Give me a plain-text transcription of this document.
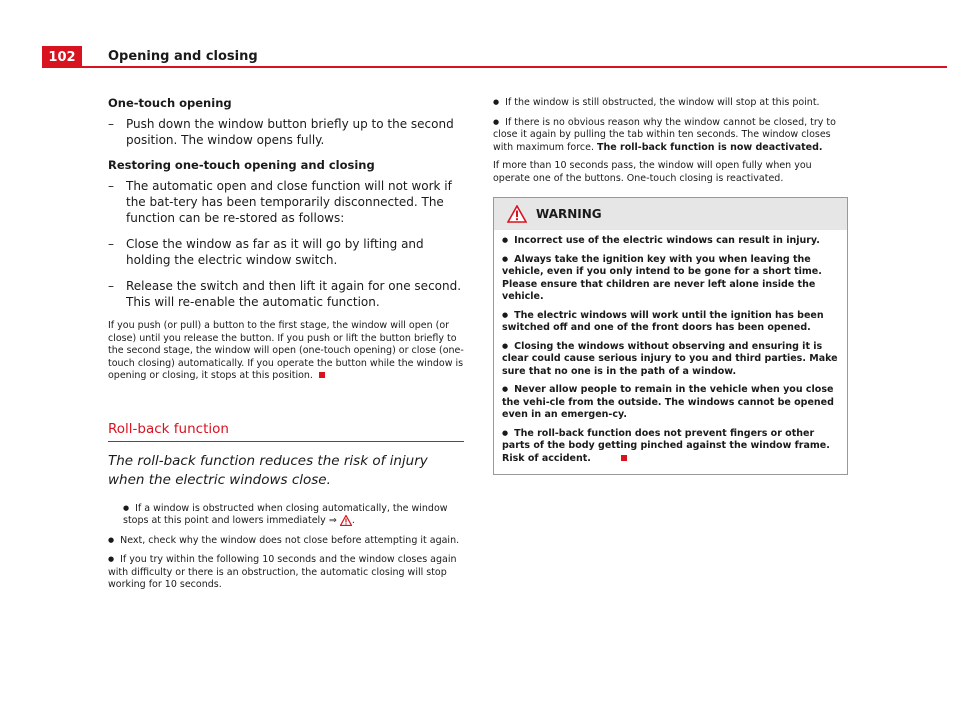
102	Opening and closing
One-touch opening
– Push down the window button briefly up to the second position. The window opens fully.
Restoring one-touch opening and closing
– The automatic open and close function will not work if the bat-tery has been temporarily disconnected. The function can be re-stored as follows:
– Close the window as far as it will go by lifting and holding the electric window switch.
– Release the switch and then lift it again for one second. This will re-enable the automatic function.

If you push (or pull) a button to the first stage, the window will open (or close) until you release the button. If you push or lift the button briefly to the second stage, the window will open (one-touch opening) or close (one-touch closing) automatically. If you operate the button while the window is opening or closing, it stops at this position.

Roll-back function

The roll-back function reduces the risk of injury when the electric windows close.

● If a window is obstructed when closing automatically, the window stops at this point and lowers immediately ⇒ .
● Next, check why the window does not close before attempting it again.
● If you try within the following 10 seconds and the window closes again with difficulty or there is an obstruction, the automatic closing will stop working for 10 seconds.
● If the window is still obstructed, the window will stop at this point.
● If there is no obvious reason why the window cannot be closed, try to close it again by pulling the tab within ten seconds. The window closes with maximum force. The roll-back function is now deactivated.

If more than 10 seconds pass, the window will open fully when you operate one of the buttons. One-touch closing is reactivated.

WARNING
● Incorrect use of the electric windows can result in injury.
● Always take the ignition key with you when leaving the vehicle, even if you only intend to be gone for a short time. Please ensure that children are never left alone inside the vehicle.
● The electric windows will work until the ignition has been switched off and one of the front doors has been opened.
● Closing the windows without observing and ensuring it is clear could cause serious injury to you and third parties. Make sure that no one is in the path of a window.
● Never allow people to remain in the vehicle when you close the vehi-cle from the outside. The windows cannot be opened even in an emergen-cy.
● The roll-back function does not prevent fingers or other parts of the body getting pinched against the window frame. Risk of accident.
